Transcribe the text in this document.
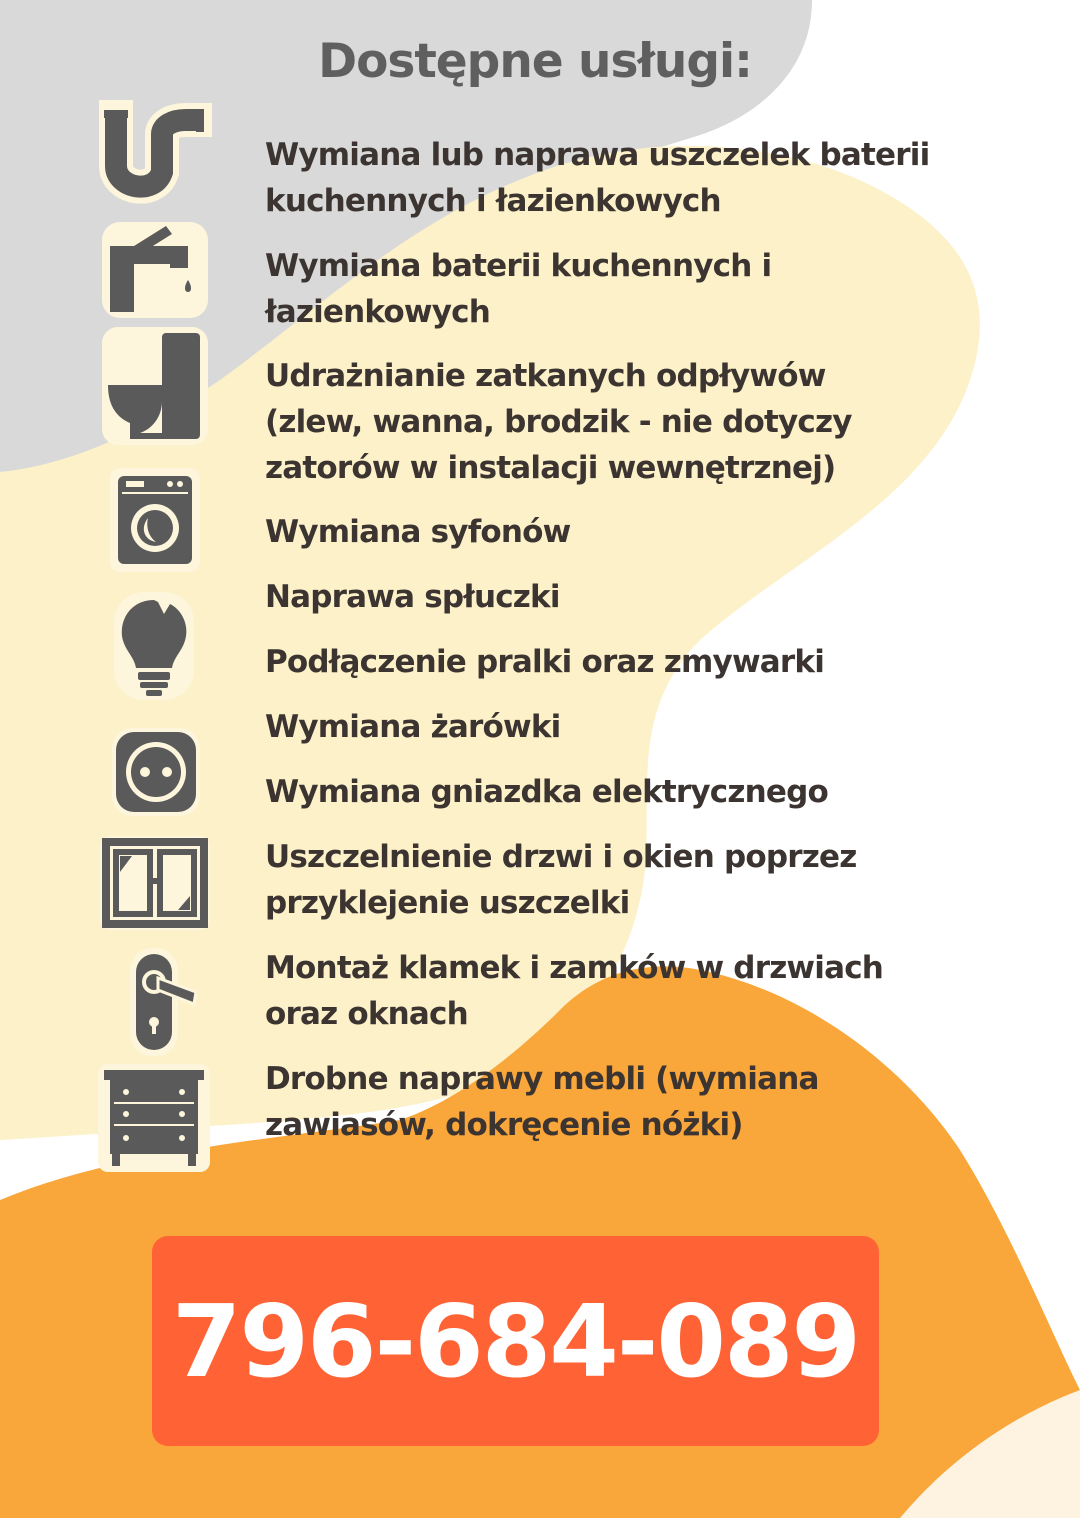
Dostępne usługi:

Wymiana lub naprawa uszczelek baterii kuchennych i łazienkowych

Wymiana baterii kuchennych i łazienkowych

Udrażnianie zatkanych odpływów (zlew, wanna, brodzik - nie dotyczy zatorów w instalacji wewnętrznej)

Wymiana syfonów

Naprawa spłuczki

Podłączenie pralki oraz zmywarki

Wymiana żarówki

Wymiana gniazdka elektrycznego

Uszczelnienie drzwi i okien poprzez przyklejenie uszczelki

Montaż klamek i zamków w drzwiach oraz oknach

Drobne naprawy mebli (wymiana zawiasów, dokręcenie nóżki)

796-684-089
